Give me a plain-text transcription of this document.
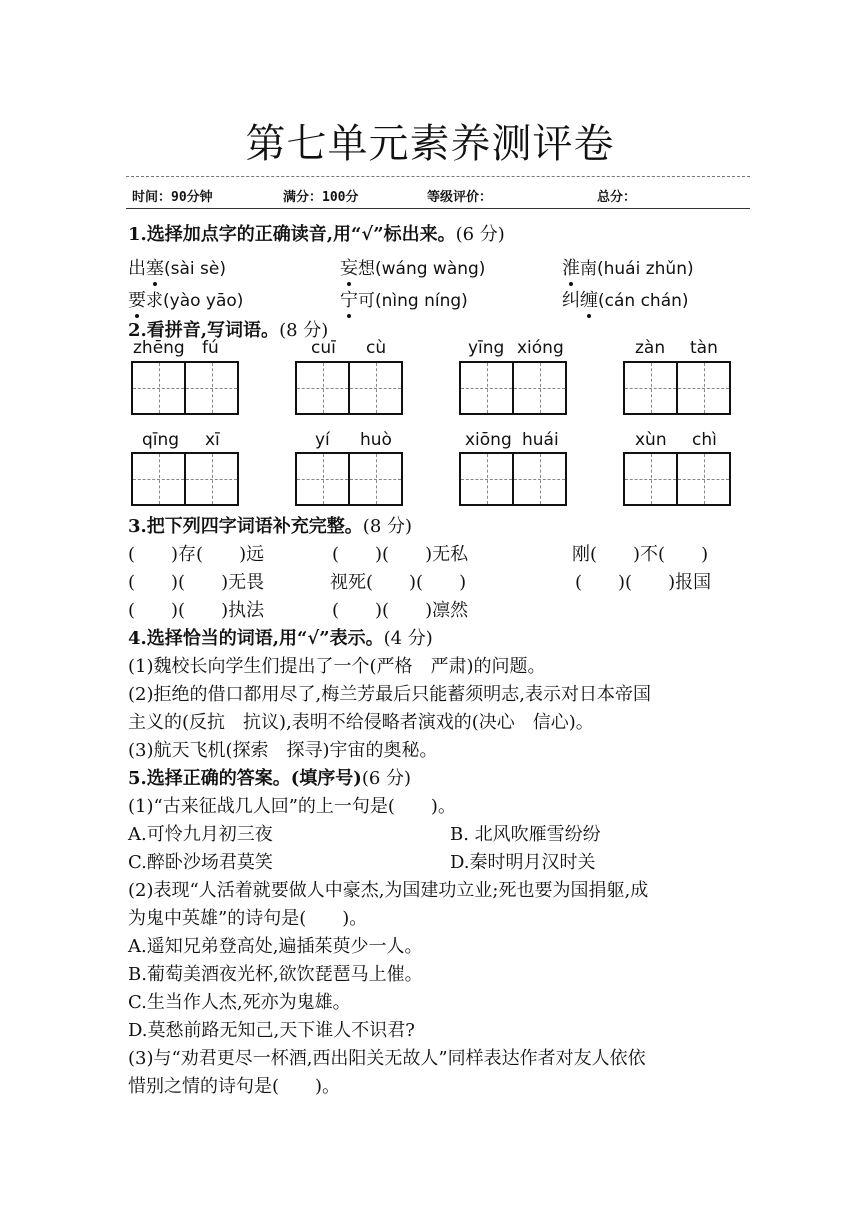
第七单元素养测评卷
时间：90分钟	满分：100分	等级评价：	总分：
1.选择加点字的正确读音,用“√”标出来。(6 分)
出塞(sài sè)	妄想(wáng wàng)	淮南(huái zhǔn)
要求(yào yāo)	宁可(nìng níng)	纠缠(cán chán)
2.看拼音,写词语。(8 分)
zhēng fú	cuī cù	yīng xióng	zàn tàn
qīng xī	yí huò	xiōng huái	xùn chì
3.把下列四字词语补充完整。(8 分)
(　　)存(　　)远	(　　)(　　)无私	刚(　　)不(　　)
(　　)(　　)无畏	视死(　　)(　　)	(　　)(　　)报国
(　　)(　　)执法	(　　)(　　)凛然
4.选择恰当的词语,用“√”表示。(4 分)
(1)魏校长向学生们提出了一个(严格　严肃)的问题。
(2)拒绝的借口都用尽了,梅兰芳最后只能蓄须明志,表示对日本帝国
主义的(反抗　抗议),表明不给侵略者演戏的(决心　信心)。
(3)航天飞机(探索　探寻)宇宙的奥秘。
5.选择正确的答案。(填序号)(6 分)
(1)“古来征战几人回”的上一句是(　　)。
A.可怜九月初三夜	B. 北风吹雁雪纷纷
C.醉卧沙场君莫笑	D.秦时明月汉时关
(2)表现“人活着就要做人中豪杰,为国建功立业;死也要为国捐躯,成
为鬼中英雄”的诗句是(　　)。
A.遥知兄弟登高处,遍插茱萸少一人。
B.葡萄美酒夜光杯,欲饮琵琶马上催。
C.生当作人杰,死亦为鬼雄。
D.莫愁前路无知己,天下谁人不识君?
(3)与“劝君更尽一杯酒,西出阳关无故人”同样表达作者对友人依依
惜别之情的诗句是(　　)。
